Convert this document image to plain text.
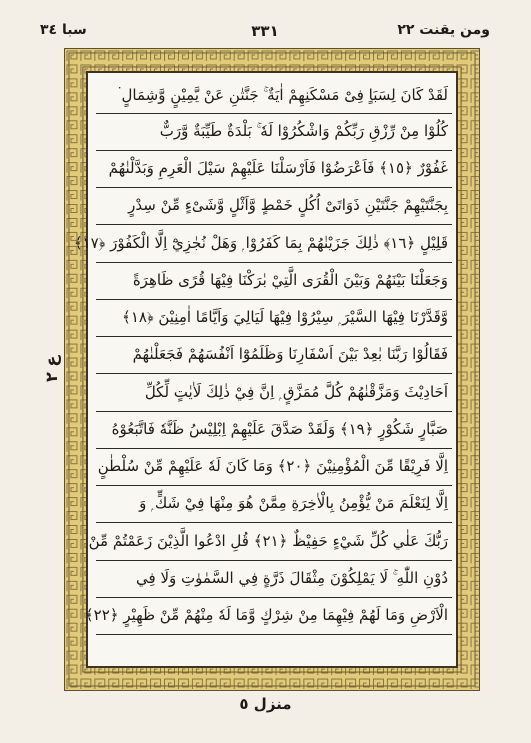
ومن يقنت ٢٢
٣٣١
سبا ٣٤
ع ٢
لَقَدْ كَانَ لِسَبَاٍ فِىْ مَسْكَنِهِمْ اٰيَةٌ ۚ جَنَّتٰنِ عَنْ يَّمِيْنٍ وَّشِمَالٍ ۬
كُلُوْا مِنْ رِّزْقِ رَبِّكُمْ وَاشْكُرُوْا لَهٗ ۚ بَلْدَةٌ طَيِّبَةٌ وَّرَبٌّ
غَفُوْرٌ ﴿١٥﴾ فَاَعْرَضُوْا فَاَرْسَلْنَا عَلَيْهِمْ سَيْلَ الْعَرِمِ وَبَدَّلْنٰهُمْ
بِجَنَّتَيْهِمْ جَنَّتَيْنِ ذَوَاتَىْ اُكُلٍ خَمْطٍ وَّاَثْلٍ وَّشَىْءٍ مِّنْ سِدْرٍ
قَلِيْلٍ ﴿١٦﴾ ذٰلِكَ جَزَيْنٰهُمْ بِمَا كَفَرُوْا ۭ وَهَلْ نُجٰزِيْٓ اِلَّا الْكَفُوْرَ ﴿١٧﴾
وَجَعَلْنَا بَيْنَهُمْ وَبَيْنَ الْقُرَى الَّتِيْ بٰرَكْنَا فِيْهَا قُرًى ظَاهِرَةً
وَّقَدَّرْنَا فِيْهَا السَّيْرَ ۭ سِيْرُوْا فِيْهَا لَيَالِيَ وَاَيَّامًا اٰمِنِيْنَ ﴿١٨﴾
فَقَالُوْا رَبَّنَا بٰعِدْ بَيْنَ اَسْفَارِنَا وَظَلَمُوْٓا اَنْفُسَهُمْ فَجَعَلْنٰهُمْ
اَحَادِيْثَ وَمَزَّقْنٰهُمْ كُلَّ مُمَزَّقٍ ۭ اِنَّ فِيْ ذٰلِكَ لَاٰيٰتٍ لِّكُلِّ
صَبَّارٍ شَكُوْرٍ ﴿١٩﴾ وَلَقَدْ صَدَّقَ عَلَيْهِمْ اِبْلِيْسُ ظَنَّهٗ فَاتَّبَعُوْهُ
اِلَّا فَرِيْقًا مِّنَ الْمُؤْمِنِيْنَ ﴿٢٠﴾ وَمَا كَانَ لَهٗ عَلَيْهِمْ مِّنْ سُلْطٰنٍ
اِلَّا لِنَعْلَمَ مَنْ يُّؤْمِنُ بِالْاٰخِرَةِ مِمَّنْ هُوَ مِنْهَا فِيْ شَكٍّ ۭ وَ
رَبُّكَ عَلٰي كُلِّ شَيْءٍ حَفِيْظٌ ﴿٢١﴾ قُلِ ادْعُوا الَّذِيْنَ زَعَمْتُمْ مِّنْ
دُوْنِ اللّٰهِ ۚ لَا يَمْلِكُوْنَ مِثْقَالَ ذَرَّةٍ فِي السَّمٰوٰتِ وَلَا فِي
الْاَرْضِ وَمَا لَهُمْ فِيْهِمَا مِنْ شِرْكٍ وَّمَا لَهٗ مِنْهُمْ مِّنْ ظَهِيْرٍ ﴿٢٢﴾
منزل ٥
